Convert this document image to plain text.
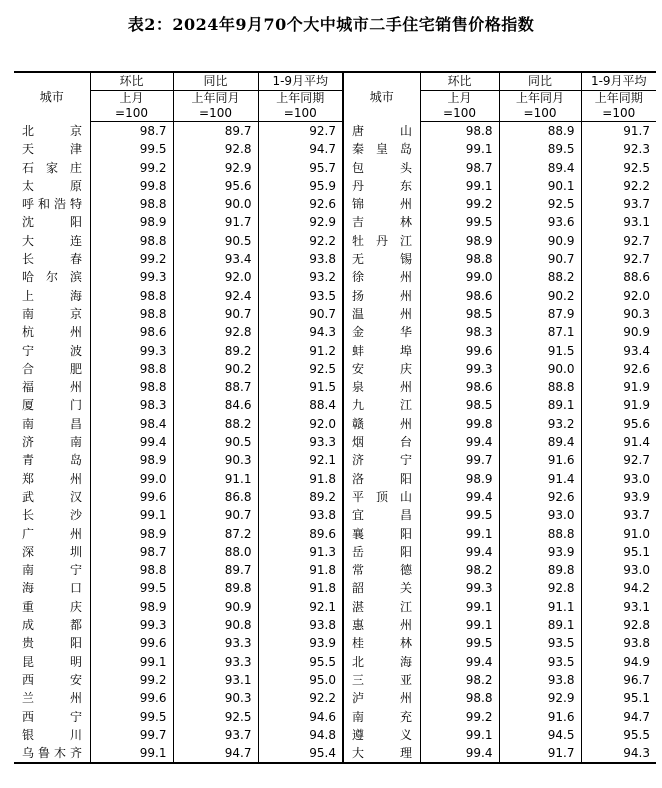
表2：2024年9月70个大中城市二手住宅销售价格指数
城市	环比	同比	1-9月平均	城市	环比	同比	1-9月平均
	上月	上年同月	上年同期		上月	上年同月	上年同期
	=100	=100	=100		=100	=100	=100

北京	98.7	89.7	92.7	唐山	98.8	88.9	91.7

天津	99.5	92.8	94.7	秦皇岛	99.1	89.5	92.3

石家庄	99.2	92.9	95.7	包头	98.7	89.4	92.5

太原	99.8	95.6	95.9	丹东	99.1	90.1	92.2

呼和浩特	98.8	90.0	92.6	锦州	99.2	92.5	93.7

沈阳	98.9	91.7	92.9	吉林	99.5	93.6	93.1

大连	98.8	90.5	92.2	牡丹江	98.9	90.9	92.7

长春	99.2	93.4	93.8	无锡	98.8	90.7	92.7

哈尔滨	99.3	92.0	93.2	徐州	99.0	88.2	88.6

上海	98.8	92.4	93.5	扬州	98.6	90.2	92.0

南京	98.8	90.7	90.7	温州	98.5	87.9	90.3

杭州	98.6	92.8	94.3	金华	98.3	87.1	90.9

宁波	99.3	89.2	91.2	蚌埠	99.6	91.5	93.4

合肥	98.8	90.2	92.5	安庆	99.3	90.0	92.6

福州	98.8	88.7	91.5	泉州	98.6	88.8	91.9

厦门	98.3	84.6	88.4	九江	98.5	89.1	91.9

南昌	98.4	88.2	92.0	赣州	99.8	93.2	95.6

济南	99.4	90.5	93.3	烟台	99.4	89.4	91.4

青岛	98.9	90.3	92.1	济宁	99.7	91.6	92.7

郑州	99.0	91.1	91.8	洛阳	98.9	91.4	93.0

武汉	99.6	86.8	89.2	平顶山	99.4	92.6	93.9

长沙	99.1	90.7	93.8	宜昌	99.5	93.0	93.7

广州	98.9	87.2	89.6	襄阳	99.1	88.8	91.0

深圳	98.7	88.0	91.3	岳阳	99.4	93.9	95.1

南宁	98.8	89.7	91.8	常德	98.2	89.8	93.0

海口	99.5	89.8	91.8	韶关	99.3	92.8	94.2

重庆	98.9	90.9	92.1	湛江	99.1	91.1	93.1

成都	99.3	90.8	93.8	惠州	99.1	89.1	92.8

贵阳	99.6	93.3	93.9	桂林	99.5	93.5	93.8

昆明	99.1	93.3	95.5	北海	99.4	93.5	94.9

西安	99.2	93.1	95.0	三亚	98.2	93.8	96.7

兰州	99.6	90.3	92.2	泸州	98.8	92.9	95.1

西宁	99.5	92.5	94.6	南充	99.2	91.6	94.7

银川	99.7	93.7	94.8	遵义	99.1	94.5	95.5

乌鲁木齐	99.1	94.7	95.4	大理	99.4	91.7	94.3
